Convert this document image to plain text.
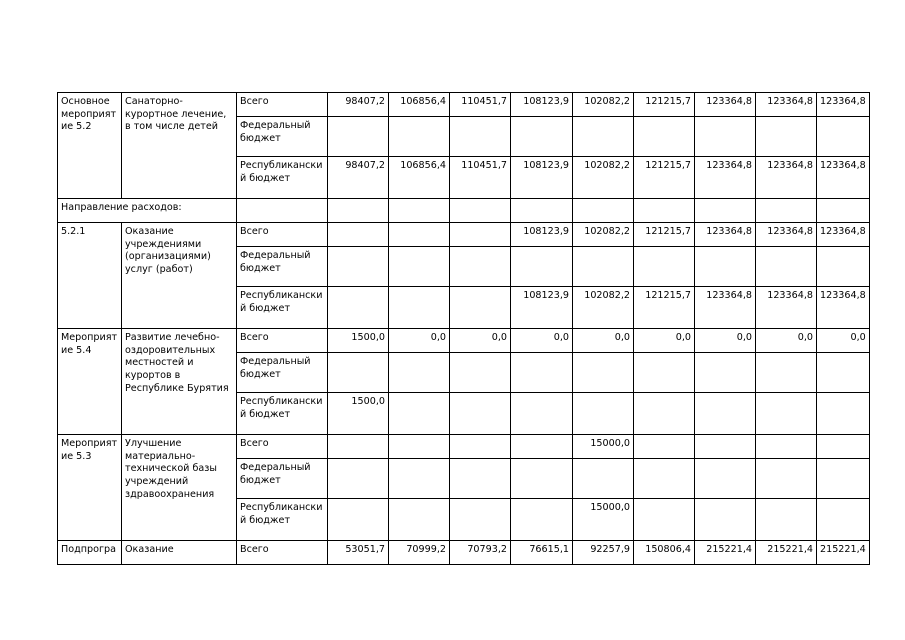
Основное мероприят ие 5.2	Санаторно-курортное лечение, в том числе детей	Всего	98407,2	106856,4	110451,7	108123,9	102082,2	121215,7	123364,8	123364,8	123364,8
		Федеральный бюджет									
		Республикански й бюджет	98407,2	106856,4	110451,7	108123,9	102082,2	121215,7	123364,8	123364,8	123364,8
Направление расходов:											
5.2.1	Оказание учреждениями (организациями) услуг (работ)	Всего				108123,9	102082,2	121215,7	123364,8	123364,8	123364,8
		Федеральный бюджет									
		Республикански й бюджет				108123,9	102082,2	121215,7	123364,8	123364,8	123364,8
Мероприят ие 5.4	Развитие лечебно-оздоровительных местностей и курортов в Республике Бурятия	Всего	1500,0	0,0	0,0	0,0	0,0	0,0	0,0	0,0	0,0
		Федеральный бюджет									
		Республикански й бюджет	1500,0								
Мероприят ие 5.3	Улучшение материально-технической базы учреждений здравоохранения	Всего					15000,0				
		Федеральный бюджет									
		Республикански й бюджет					15000,0				
Подпрогра	Оказание	Всего	53051,7	70999,2	70793,2	76615,1	92257,9	150806,4	215221,4	215221,4	215221,4
